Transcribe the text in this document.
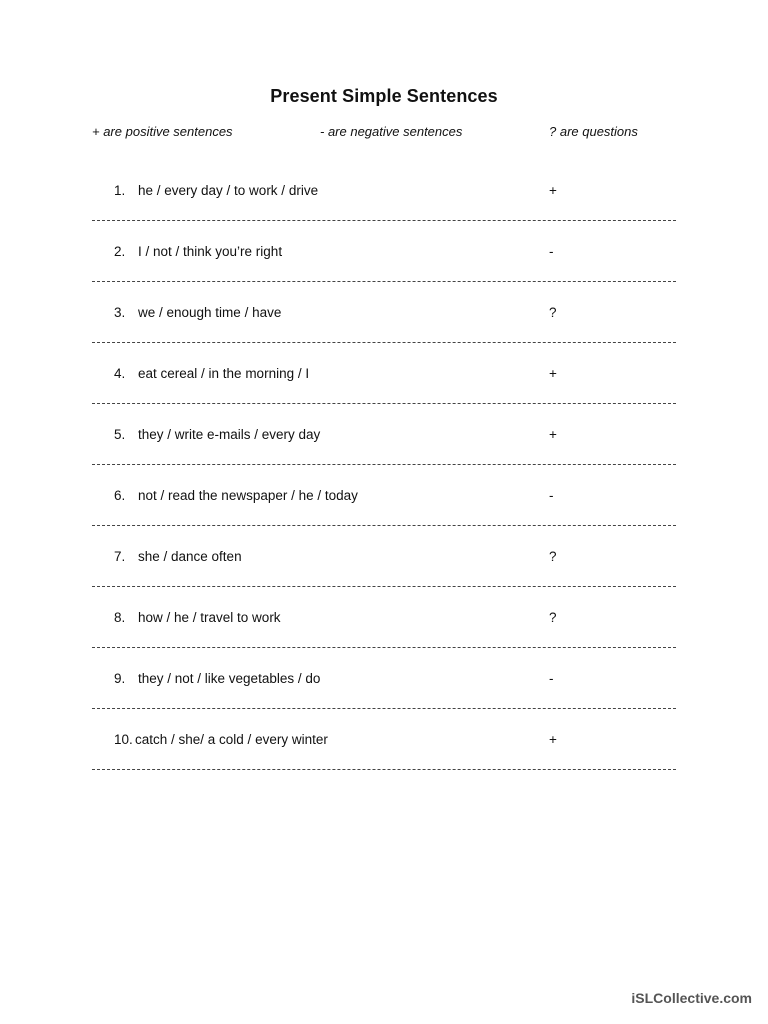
Present Simple Sentences
+ are positive sentences	- are negative sentences	? are questions
1. he / every day / to work / drive	+
2. I / not / think you’re right	-
3. we / enough time / have	?
4. eat cereal / in the morning / I	+
5. they / write e-mails / every day	+
6. not / read the newspaper / he / today	-
7. she / dance often	?
8. how / he / travel to work	?
9. they / not / like vegetables / do	-
10. catch / she/ a cold / every winter	+
iSLCollective.com
